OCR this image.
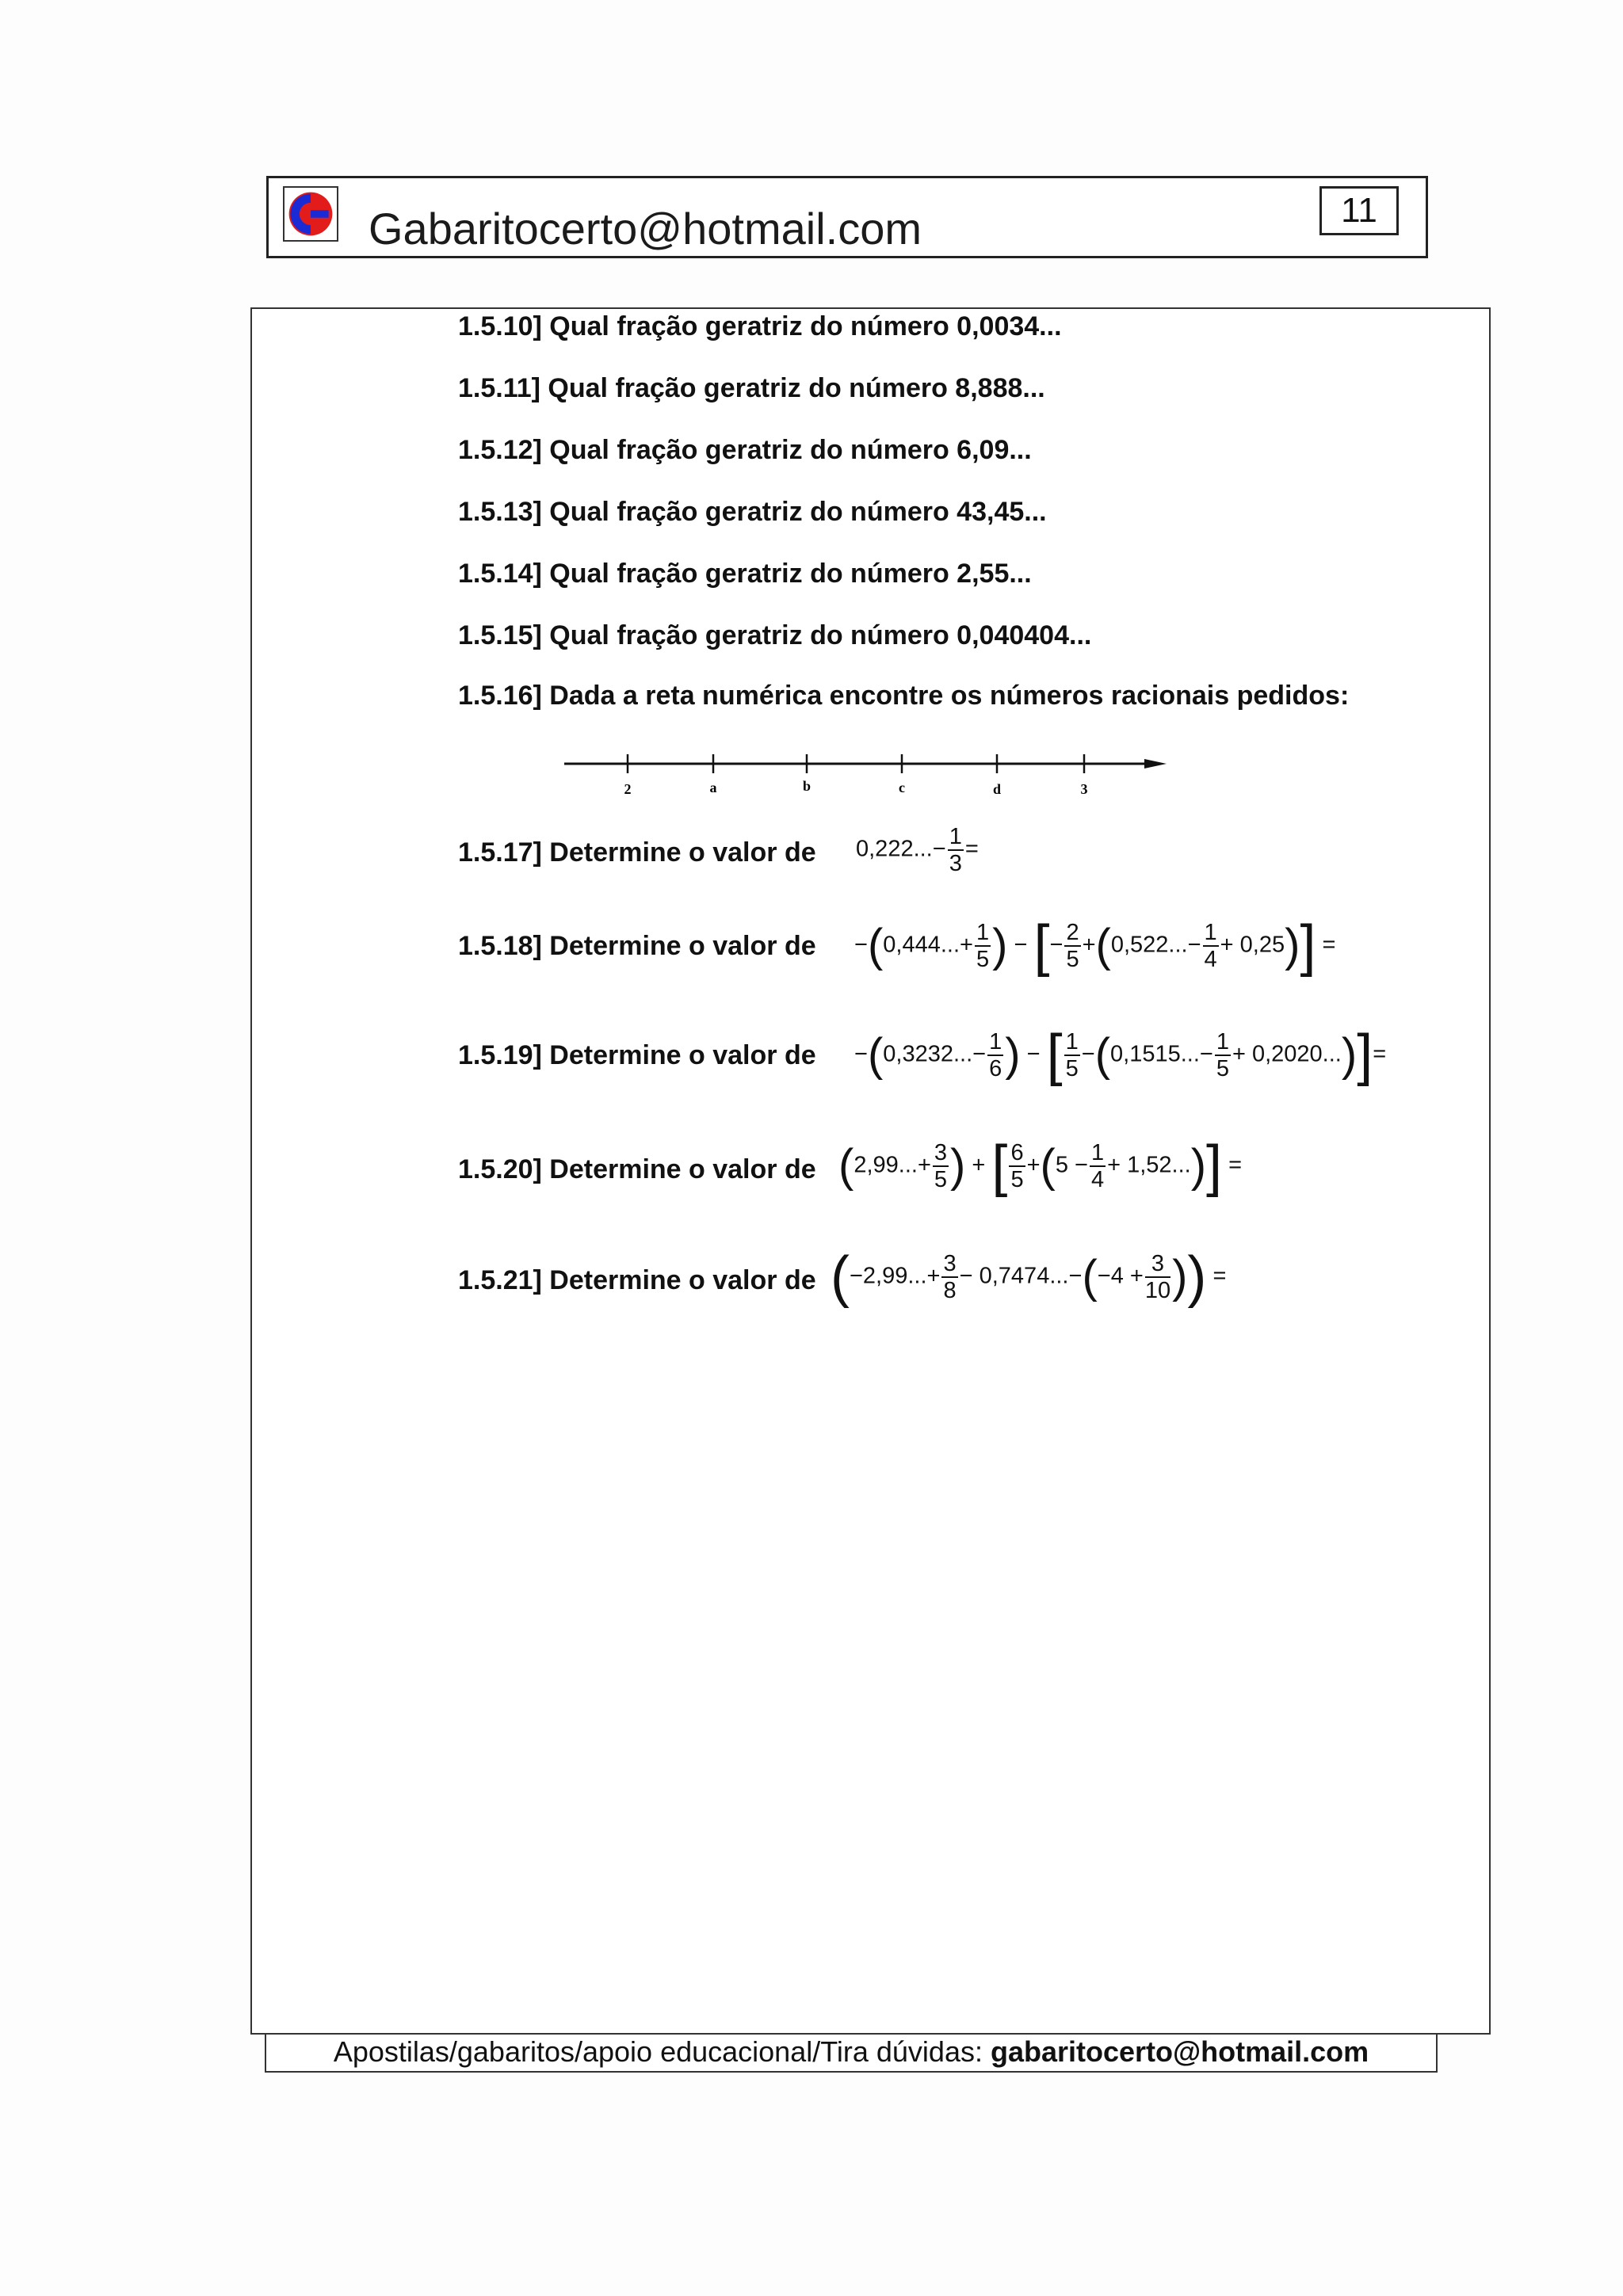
Gabaritocerto@hotmail.com	11
1.5.10] Qual fração geratriz do número 0,0034...
1.5.11] Qual fração geratriz do número 8,888...
1.5.12] Qual fração geratriz do número 6,09...
1.5.13] Qual fração geratriz do número 43,45...
1.5.14] Qual fração geratriz do número 2,55...
1.5.15] Qual fração geratriz do número 0,040404...
1.5.16] Dada a reta numérica encontre os números racionais pedidos:
2	a	b	c	d	3
1.5.17] Determine o valor de $0,222...- \frac{1}{3}$ =
1.5.18] Determine o valor de $-(0,444...+ \frac{1}{5}$ ) − [− $\frac{2}{5} +(0,522...- \frac{1}{4} + 0,25)$] =
1.5.19] Determine o valor de $-(0,3232...- \frac{1}{6}$ ) − [ $\frac{1}{5} -(0,1515...- \frac{1}{5} + 0,2020...)]=$
1.5.20] Determine o valor de ($2,99...+ \frac{3}{5}$ ) + [ $\frac{6}{5} +(5 - \frac{1}{4} + 1,52...)$] =
1.5.21] Determine o valor de ($-2,99...+ \frac{3}{8} - 0,7474...-(-4 + \frac{3}{10}$ )) =
Apostilas/gabaritos/apoio educacional/Tira dúvidas: gabaritocerto@hotmail.com
